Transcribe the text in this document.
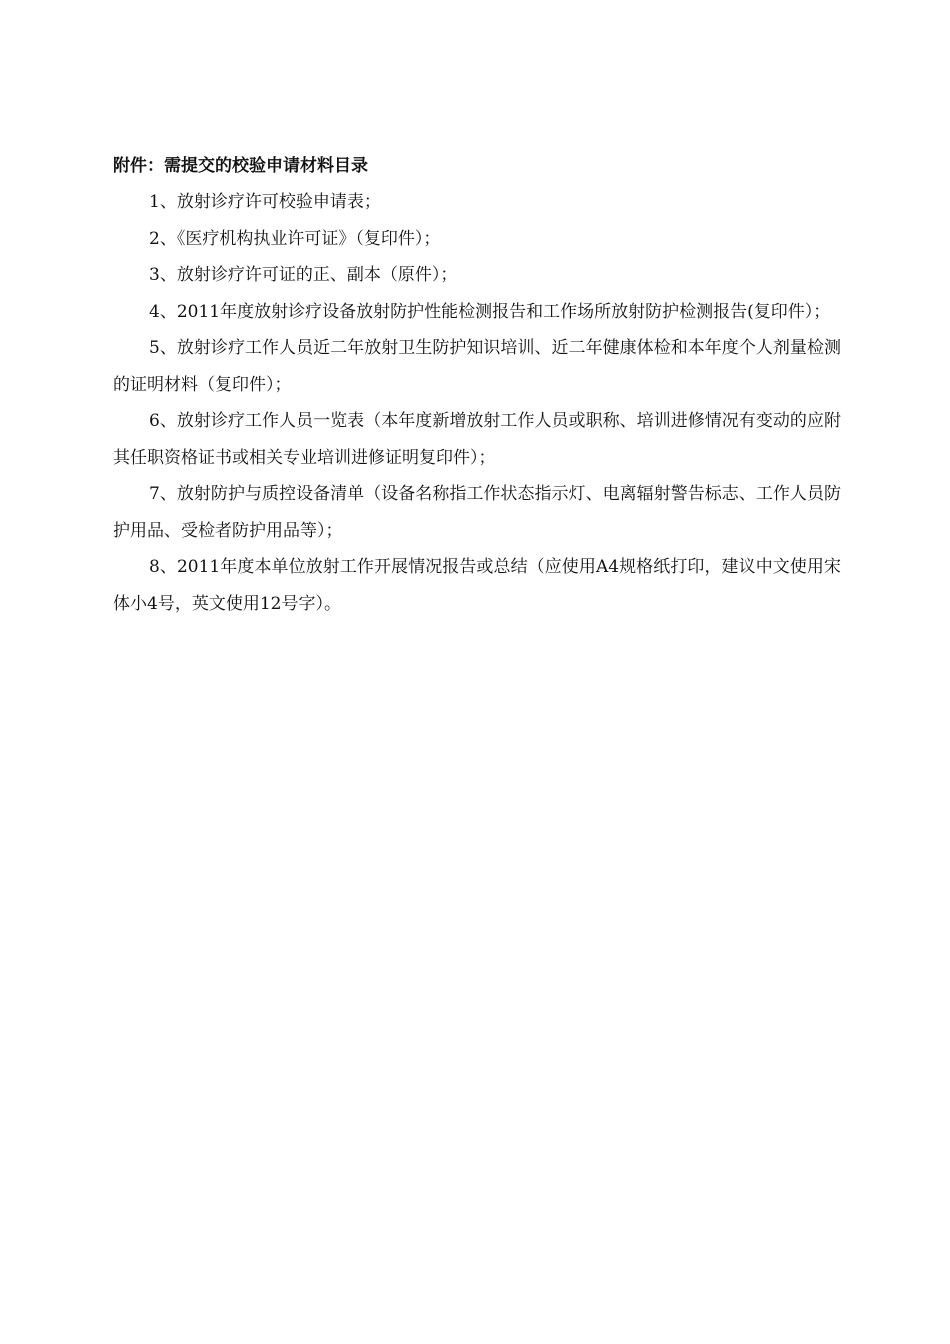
附件：需提交的校验申请材料目录

1、放射诊疗许可校验申请表；

2、《医疗机构执业许可证》（复印件）；

3、放射诊疗许可证的正、副本（原件）；

4、2011年度放射诊疗设备放射防护性能检测报告和工作场所放射防护检测报告(复印件）；

5、放射诊疗工作人员近二年放射卫生防护知识培训、近二年健康体检和本年度个人剂量检测的证明材料（复印件）；

6、放射诊疗工作人员一览表（本年度新增放射工作人员或职称、培训进修情况有变动的应附其任职资格证书或相关专业培训进修证明复印件）；

7、放射防护与质控设备清单（设备名称指工作状态指示灯、电离辐射警告标志、工作人员防护用品、受检者防护用品等）；

8、2011年度本单位放射工作开展情况报告或总结（应使用A4规格纸打印，建议中文使用宋体小4号，英文使用12号字）。
